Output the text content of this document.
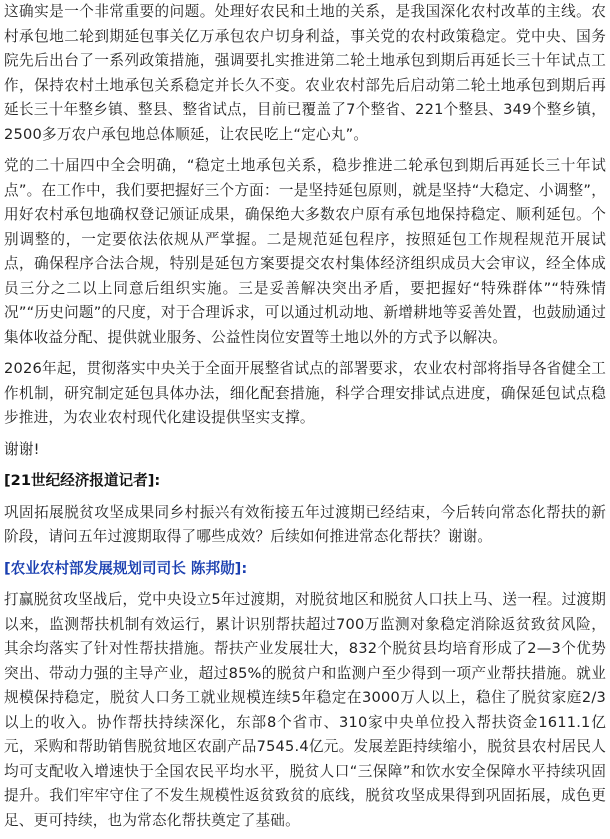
这确实是一个非常重要的问题。处理好农民和土地的关系，是我国深化农村改革的主线。农村承包地二轮到期延包事关亿万承包农户切身利益，事关党的农村政策稳定。党中央、国务院先后出台了一系列政策措施，强调要扎实推进第二轮土地承包到期后再延长三十年试点工作，保持农村土地承包关系稳定并长久不变。农业农村部先后启动第二轮土地承包到期后再延长三十年整乡镇、整县、整省试点，目前已覆盖了7个整省、221个整县、349个整乡镇，2500多万农户承包地总体顺延，让农民吃上“定心丸”。

党的二十届四中全会明确，“稳定土地承包关系，稳步推进二轮承包到期后再延长三十年试点”。在工作中，我们要把握好三个方面：一是坚持延包原则，就是坚持“大稳定、小调整”，用好农村承包地确权登记颁证成果，确保绝大多数农户原有承包地保持稳定、顺利延包。个别调整的，一定要依法依规从严掌握。二是规范延包程序，按照延包工作规程规范开展试点，确保程序合法合规，特别是延包方案要提交农村集体经济组织成员大会审议，经全体成员三分之二以上同意后组织实施。三是妥善解决突出矛盾，要把握好“特殊群体”“特殊情况”“历史问题”的尺度，对于合理诉求，可以通过机动地、新增耕地等妥善处置，也鼓励通过集体收益分配、提供就业服务、公益性岗位安置等土地以外的方式予以解决。

2026年起，贯彻落实中央关于全面开展整省试点的部署要求，农业农村部将指导各省健全工作机制，研究制定延包具体办法，细化配套措施，科学合理安排试点进度，确保延包试点稳步推进，为农业农村现代化建设提供坚实支撑。

谢谢!

[21世纪经济报道记者]:

巩固拓展脱贫攻坚成果同乡村振兴有效衔接五年过渡期已经结束，今后转向常态化帮扶的新阶段，请问五年过渡期取得了哪些成效？后续如何推进常态化帮扶？谢谢。

[农业农村部发展规划司司长 陈邦勋]:

打赢脱贫攻坚战后，党中央设立5年过渡期，对脱贫地区和脱贫人口扶上马、送一程。过渡期以来，监测帮扶机制有效运行，累计识别帮扶超过700万监测对象稳定消除返贫致贫风险，其余均落实了针对性帮扶措施。帮扶产业发展壮大，832个脱贫县均培育形成了2—3个优势突出、带动力强的主导产业，超过85%的脱贫户和监测户至少得到一项产业帮扶措施。就业规模保持稳定，脱贫人口务工就业规模连续5年稳定在3000万人以上，稳住了脱贫家庭2/3以上的收入。协作帮扶持续深化，东部8个省市、310家中央单位投入帮扶资金1611.1亿元，采购和帮助销售脱贫地区农副产品7545.4亿元。发展差距持续缩小，脱贫县农村居民人均可支配收入增速快于全国农民平均水平，脱贫人口“三保障”和饮水安全保障水平持续巩固提升。我们牢牢守住了不发生规模性返贫致贫的底线，脱贫攻坚成果得到巩固拓展，成色更足、更可持续，也为常态化帮扶奠定了基础。
